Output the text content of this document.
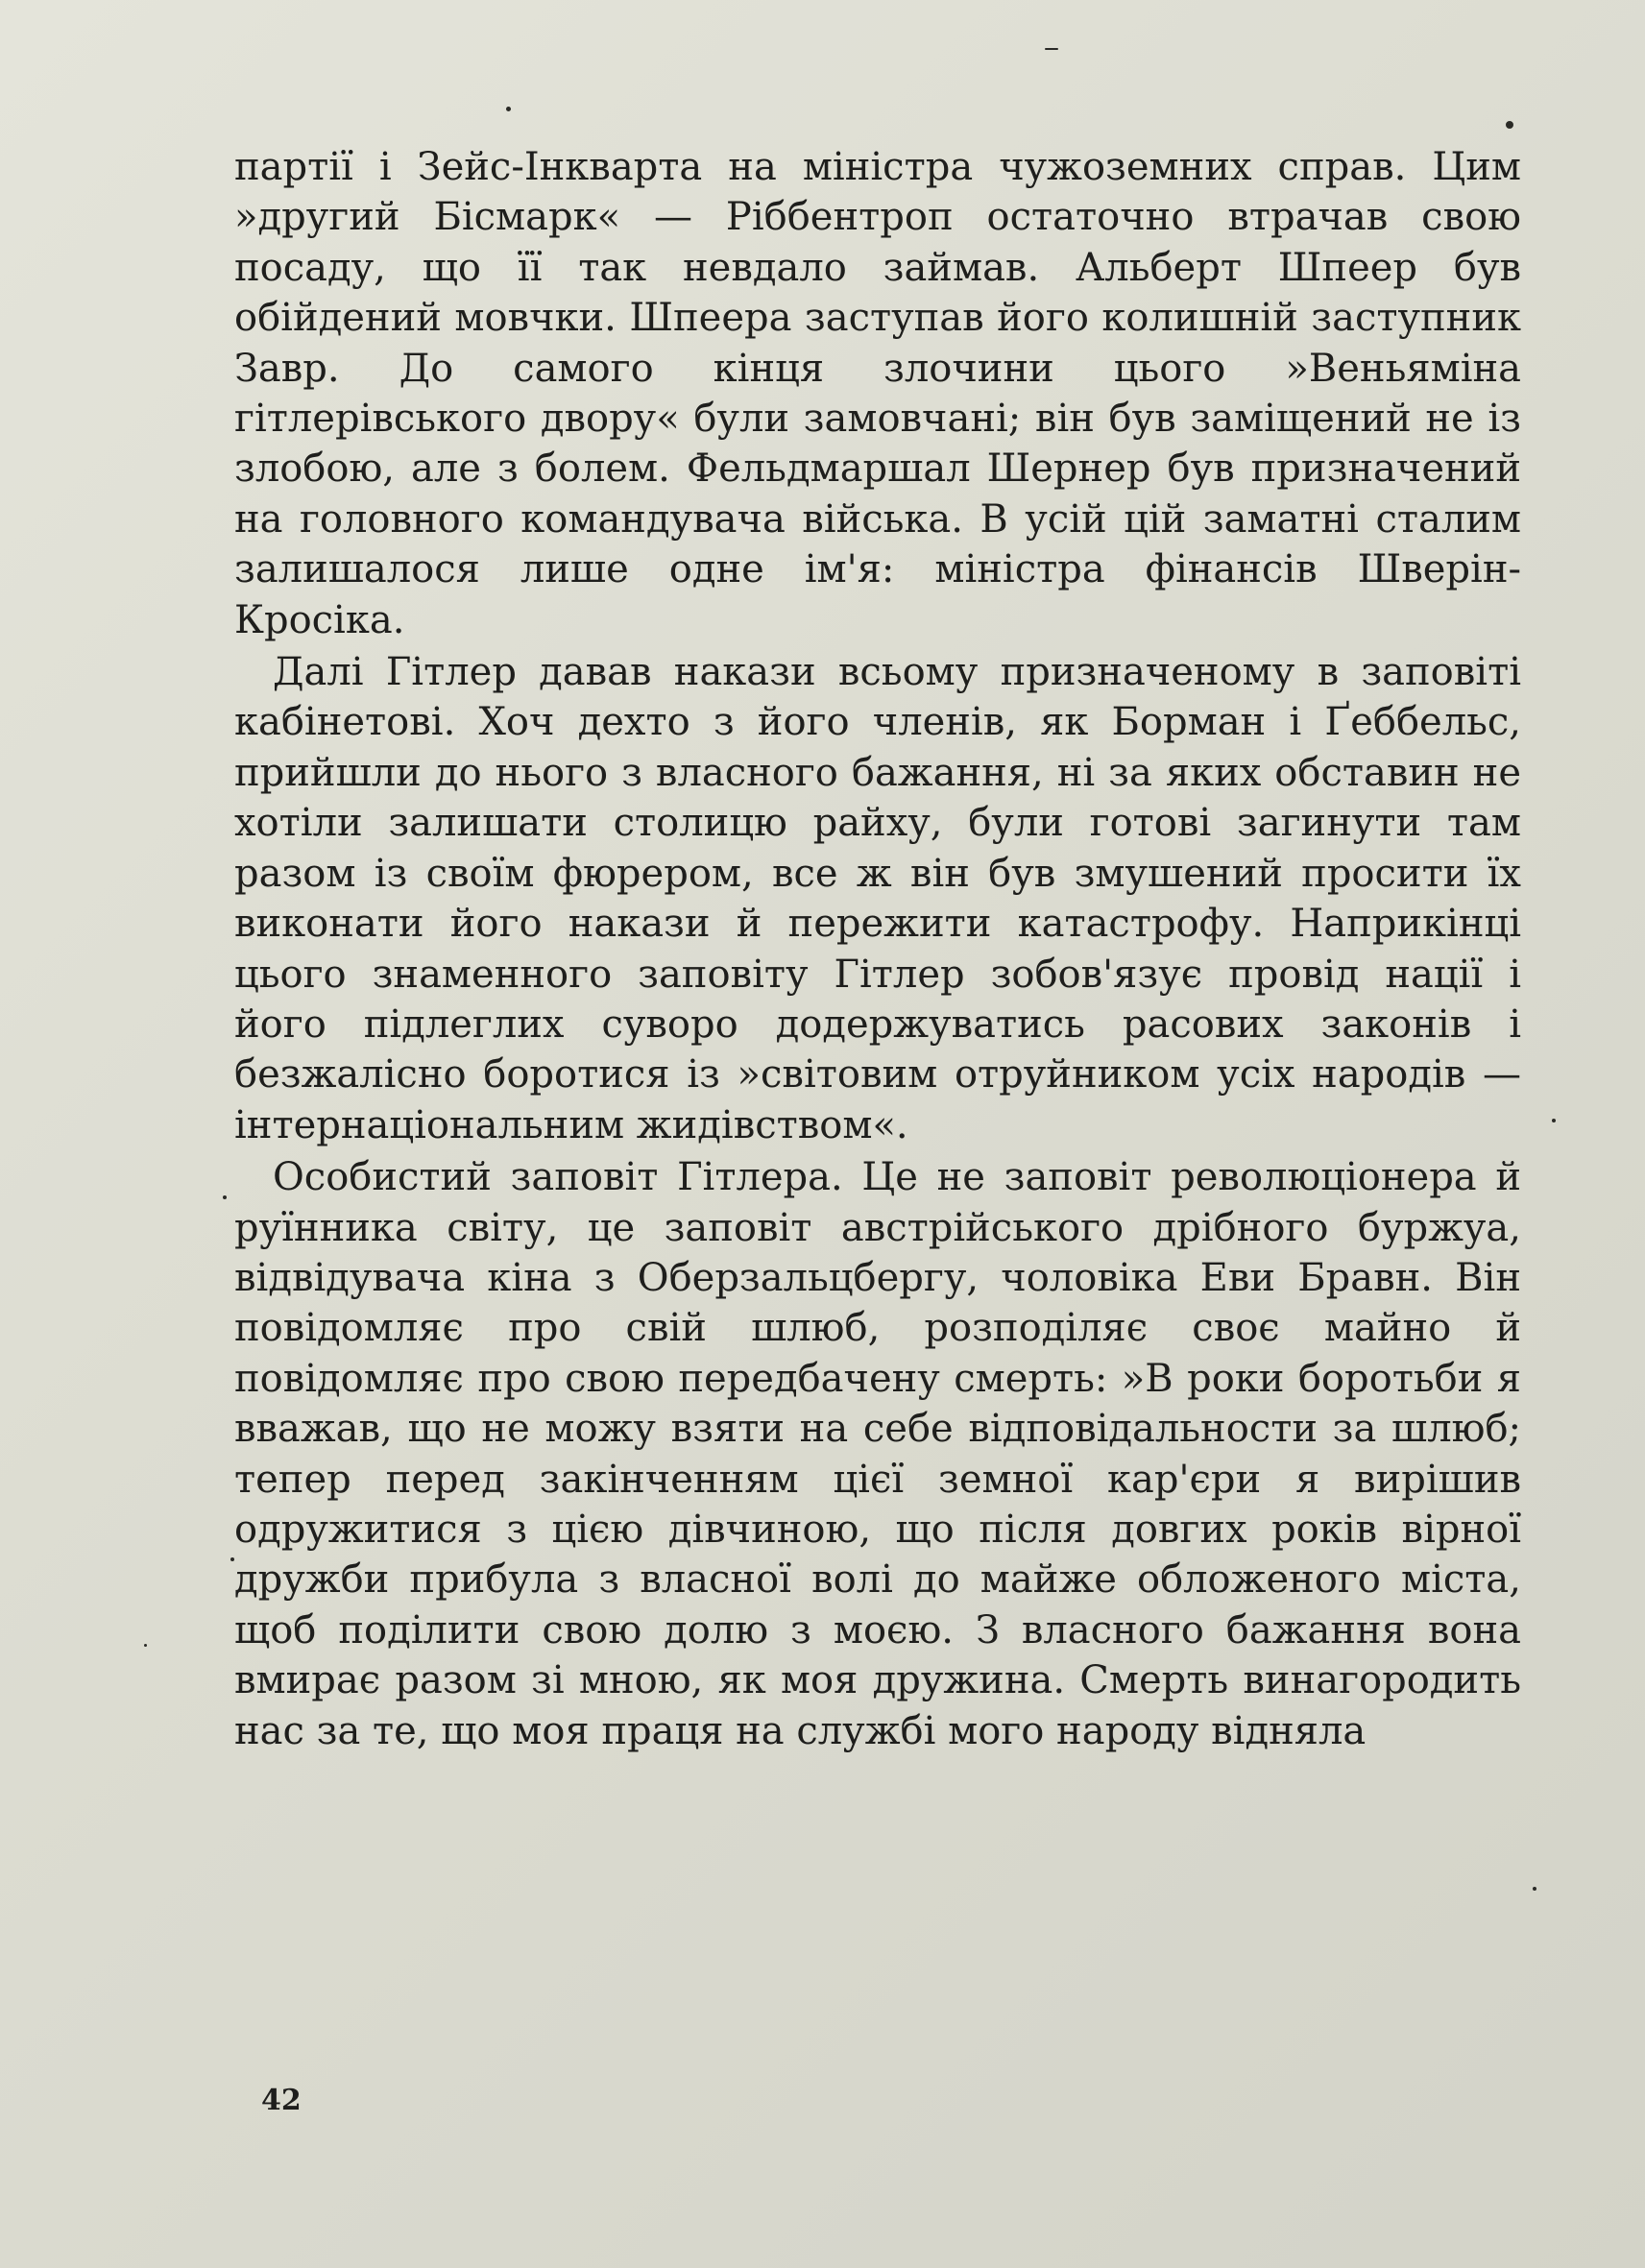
партії і Зейс-Інкварта на міністра чужоземних справ. Цим »другий Бісмарк« — Ріббентроп остаточно втрачав свою посаду, що її так невдало займав. Альберт Шпеер був обійдений мовчки. Шпеера заступав його колишній заступник Завр. До самого кінця злочини цього »Веньяміна гітлерівського двору« були замовчані; він був заміщений не із злобою, але з болем. Фельдмаршал Шернер був призначений на головного командувача війська. В усій цій заматні сталим залишалося лише одне ім'я: міністра фінансів Шверін-Кросіка.

Далі Гітлер давав накази всьому призначеному в заповіті кабінетові. Хоч дехто з його членів, як Борман і Ґеббельс, прийшли до нього з власного бажання, ні за яких обставин не хотіли залишати столицю райху, були готові загинути там разом із своїм фюрером, все ж він був змушений просити їх виконати його накази й пережити катастрофу. Наприкінці цього знаменного заповіту Гітлер зобов'язує провід нації і його підлеглих суворо додержуватись расових законів і безжалісно боротися із »світовим отруйником усіх народів — інтернаціональним жидівством«.

Особистий заповіт Гітлера. Це не заповіт революціонера й руїнника світу, це заповіт австрійського дрібного буржуа, відвідувача кіна з Оберзальцбергу, чоловіка Еви Бравн. Він повідомляє про свій шлюб, розподіляє своє майно й повідомляє про свою передбачену смерть: »В роки боротьби я вважав, що не можу взяти на себе відповідальности за шлюб; тепер перед закінченням цієї земної кар'єри я вирішив одружитися з цією дівчиною, що після довгих років вірної дружби прибула з власної волі до майже обложеного міста, щоб поділити свою долю з моєю. З власного бажання вона вмирає разом зі мною, як моя дружина. Смерть винагородить нас за те, що моя праця на службі мого народу відняла

42
